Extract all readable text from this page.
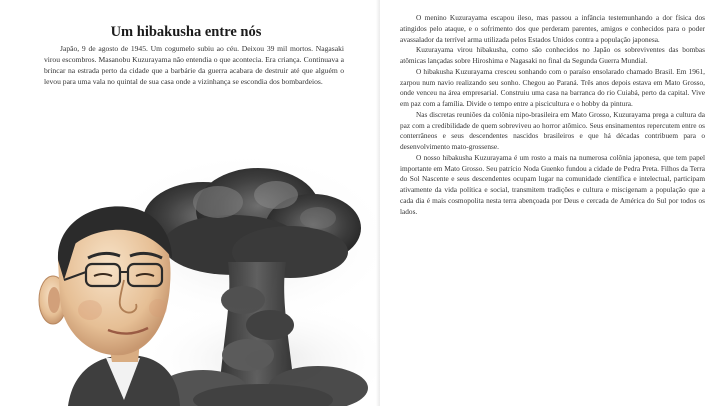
Um hibakusha entre nós

Japão, 9 de agosto de 1945. Um cogumelo subiu ao céu. Deixou 39 mil mortos. Nagasaki virou escombros. Masanobu Kuzurayama não entendia o que acontecia. Era criança. Continuava a brincar na estrada perto da cidade que a barbárie da guerra acabara de destruir até que alguém o levou para uma vala no quintal de sua casa onde a vizinhança se escondia dos bombardeios.

O menino Kuzurayama escapou ileso, mas passou a infância testemunhando a dor física dos atingidos pelo ataque, e o sofrimento dos que perderam parentes, amigos e conhecidos para o poder avassalador da terrível arma utilizada pelos Estados Unidos contra a população japonesa.

Kuzurayama virou hibakusha, como são conhecidos no Japão os sobreviventes das bombas atômicas lançadas sobre Hiroshima e Nagasaki no final da Segunda Guerra Mundial.

O hibakusha Kuzurayama cresceu sonhando com o paraíso ensolarado chamado Brasil. Em 1961, zarpou num navio realizando seu sonho. Chegou ao Paraná. Três anos depois estava em Mato Grosso, onde venceu na área empresarial. Construiu uma casa na barranca do rio Cuiabá, perto da capital. Vive em paz com a família. Divide o tempo entre a piscicultura e o hobby da pintura.

Nas discretas reuniões da colônia nipo-brasileira em Mato Grosso, Kuzurayama prega a cultura da paz com a credibilidade de quem sobreviveu ao horror atômico. Seus ensinamentos repercutem entre os conterrâneos e seus descendentes nascidos brasileiros e que há décadas contribuem para o desenvolvimento mato-grossense.

O nosso hibakusha Kuzurayama é um rosto a mais na numerosa colônia japonesa, que tem papel importante em Mato Grosso. Seu patrício Noda Guenko fundou a cidade de Pedra Preta. Filhos da Terra do Sol Nascente e seus descendentes ocupam lugar na comunidade científica e intelectual, participam ativamente da vida política e social, transmitem tradições e cultura e miscigenam a população que a cada dia é mais cosmopolita nesta terra abençoada por Deus e cercada de América do Sul por todos os lados.
